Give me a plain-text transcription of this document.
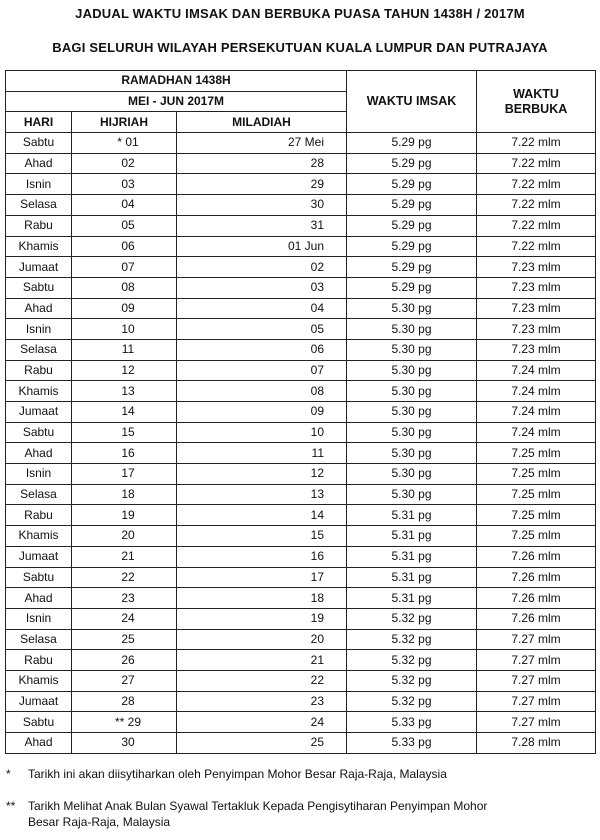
JADUAL WAKTU IMSAK DAN BERBUKA PUASA TAHUN 1438H / 2017M
BAGI SELURUH WILAYAH PERSEKUTUAN KUALA LUMPUR DAN PUTRAJAYA
RAMADHAN 1438H			WAKTU IMSAK	WAKTU BERBUKA
MEI - JUN 2017M				
HARI	HIJRIAH	MILADIAH		
Sabtu	* 01	27 Mei	5.29 pg	7.22 mlm
Ahad	02	28	5.29 pg	7.22 mlm
Isnin	03	29	5.29 pg	7.22 mlm
Selasa	04	30	5.29 pg	7.22 mlm
Rabu	05	31	5.29 pg	7.22 mlm
Khamis	06	01 Jun	5.29 pg	7.22 mlm
Jumaat	07	02	5.29 pg	7.23 mlm
Sabtu	08	03	5.29 pg	7.23 mlm
Ahad	09	04	5.30 pg	7.23 mlm
Isnin	10	05	5.30 pg	7.23 mlm
Selasa	11	06	5.30 pg	7.23 mlm
Rabu	12	07	5.30 pg	7.24 mlm
Khamis	13	08	5.30 pg	7.24 mlm
Jumaat	14	09	5.30 pg	7.24 mlm
Sabtu	15	10	5.30 pg	7.24 mlm
Ahad	16	11	5.30 pg	7.25 mlm
Isnin	17	12	5.30 pg	7.25 mlm
Selasa	18	13	5.30 pg	7.25 mlm
Rabu	19	14	5.31 pg	7.25 mlm
Khamis	20	15	5.31 pg	7.25 mlm
Jumaat	21	16	5.31 pg	7.26 mlm
Sabtu	22	17	5.31 pg	7.26 mlm
Ahad	23	18	5.31 pg	7.26 mlm
Isnin	24	19	5.32 pg	7.26 mlm
Selasa	25	20	5.32 pg	7.27 mlm
Rabu	26	21	5.32 pg	7.27 mlm
Khamis	27	22	5.32 pg	7.27 mlm
Jumaat	28	23	5.32 pg	7.27 mlm
Sabtu	** 29	24	5.33 pg	7.27 mlm
Ahad	30	25	5.33 pg	7.28 mlm
* Tarikh ini akan diisytiharkan oleh Penyimpan Mohor Besar Raja-Raja, Malaysia
** Tarikh Melihat Anak Bulan Syawal Tertakluk Kepada Pengisytiharan Penyimpan Mohor Besar Raja-Raja, Malaysia
